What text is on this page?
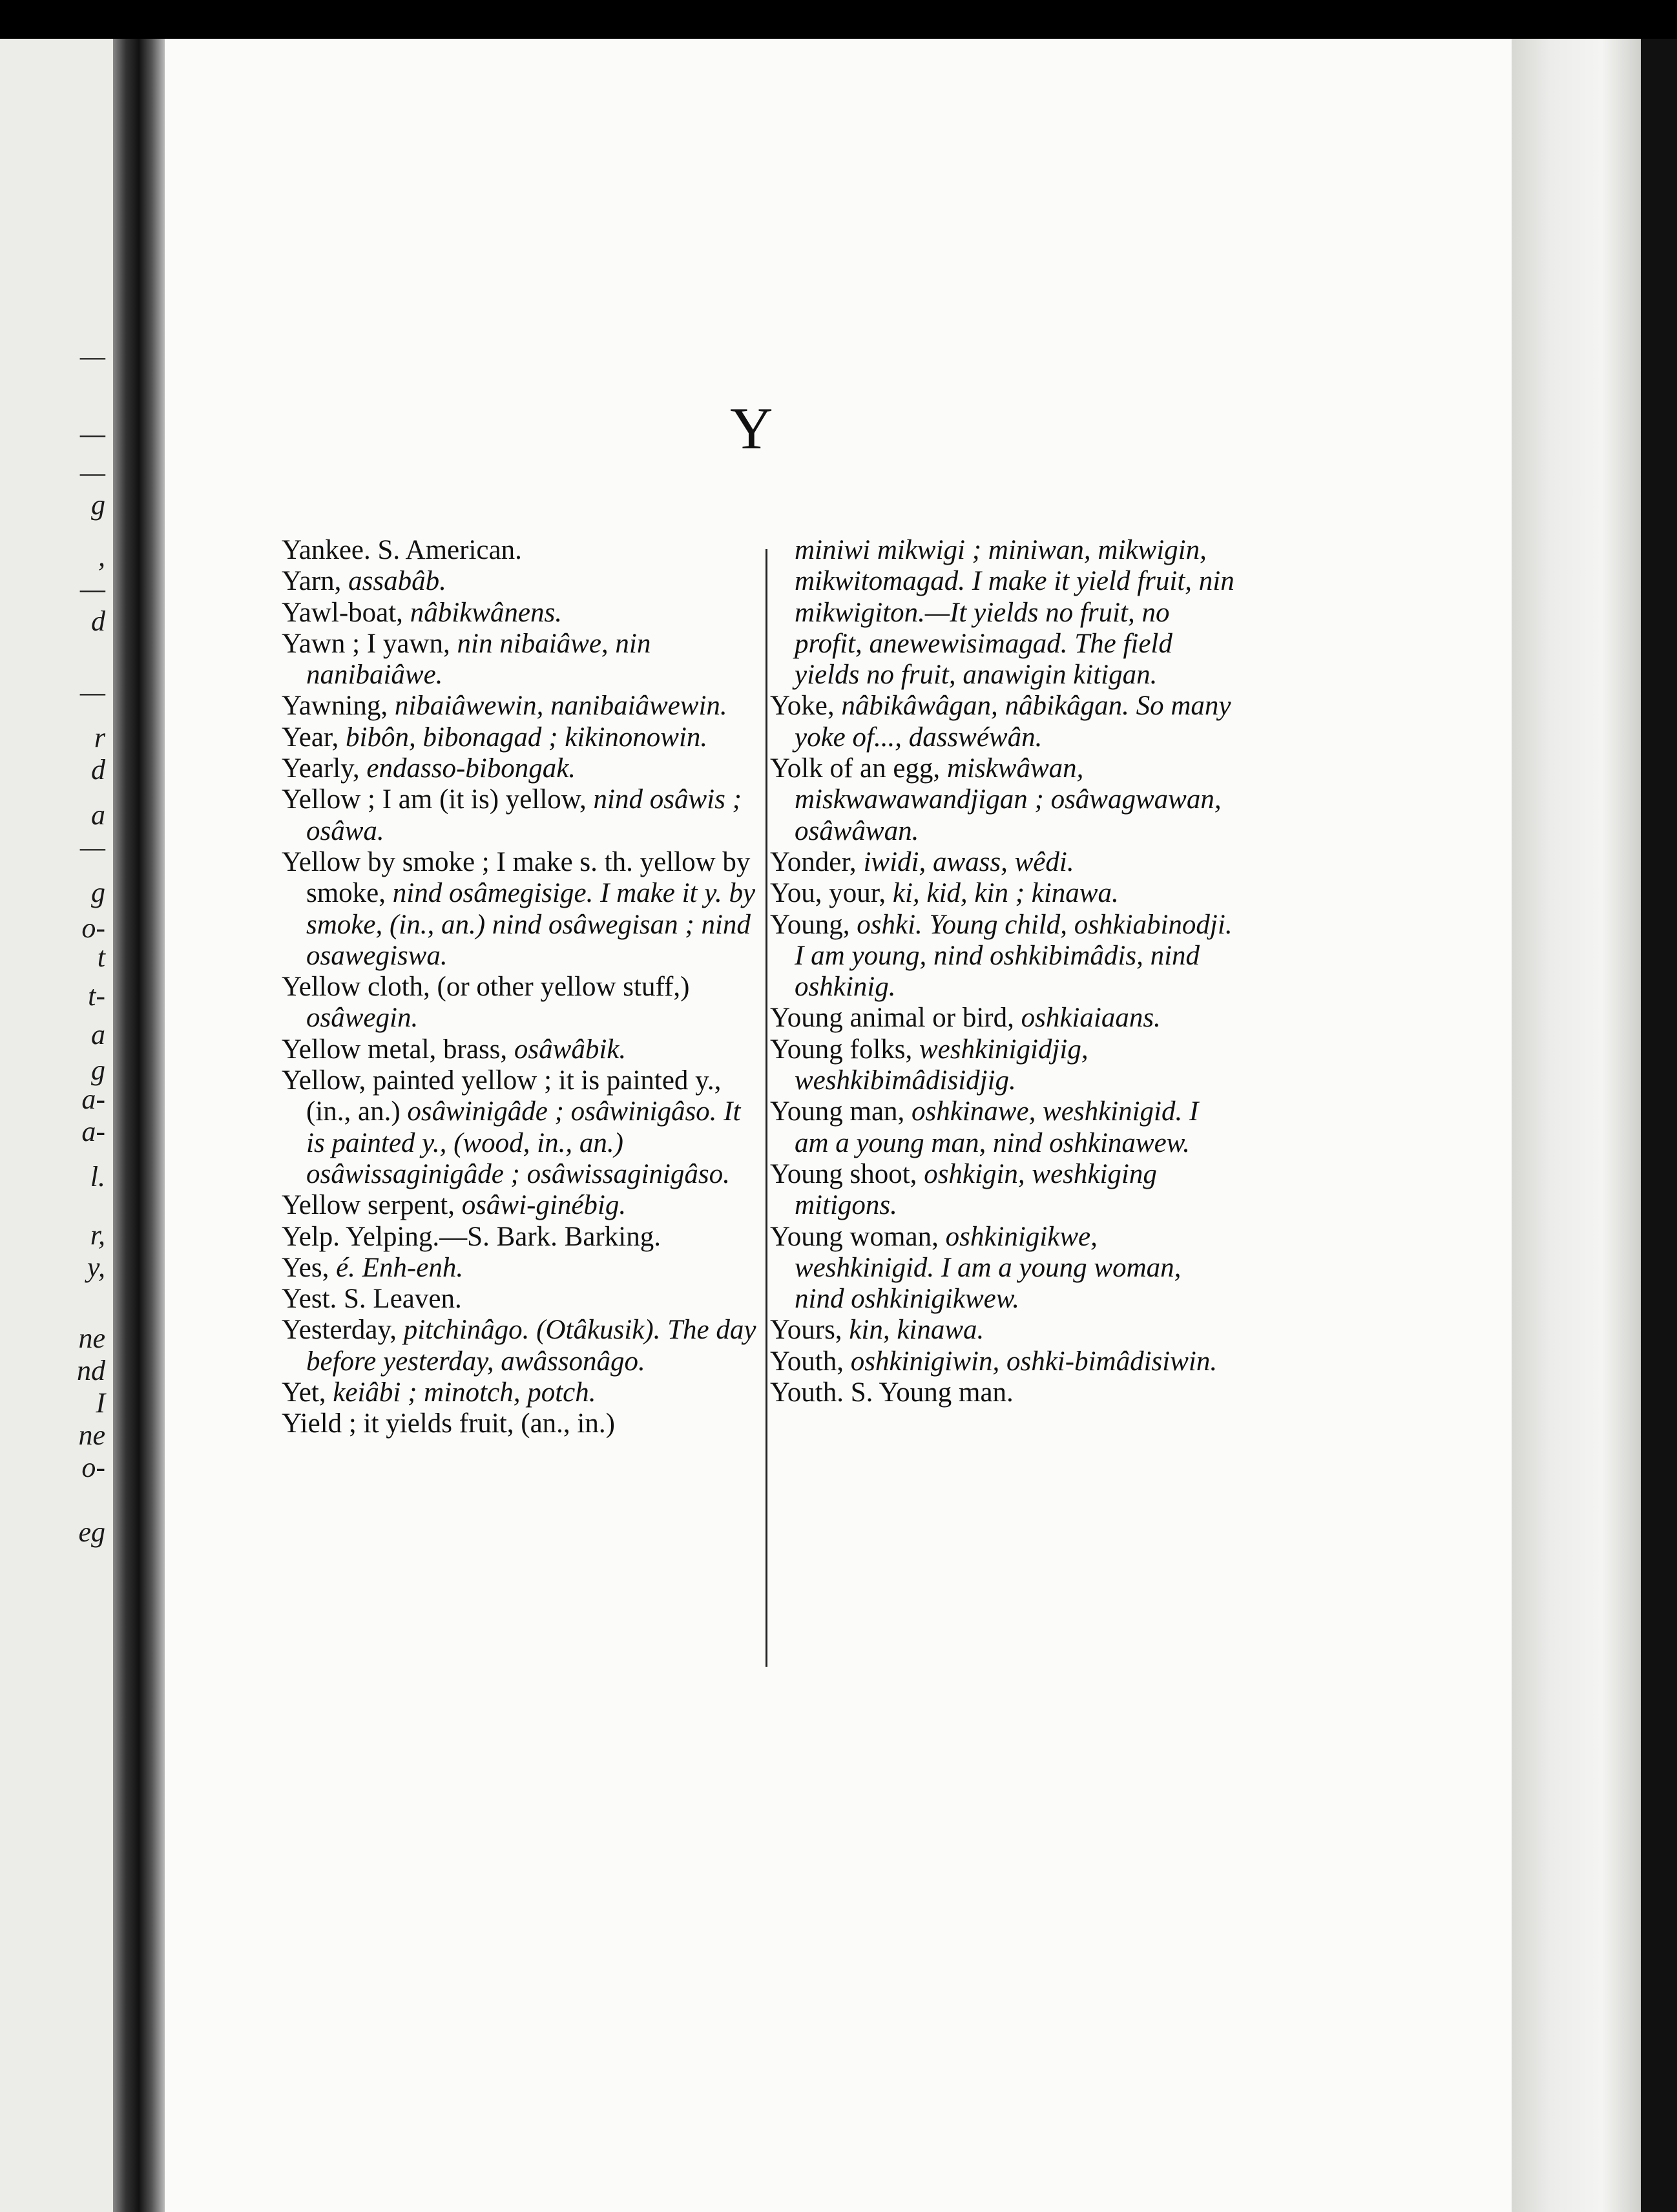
—
—
—
g
,
—
d
—
r
d
a
—
g
o-
t
t-
a
g
a-
a-
l.
r,
y,
ne
nd
I
ne
o-
eg
Y

Yankee. S. American.

Yarn, assabâb.

Yawl-boat, nâbikwânens.

Yawn ; I yawn, nin nibaiâwe, nin nanibaiâwe.

Yawning, nibaiâwewin, nanibaiâwewin.

Year, bibôn, bibonagad ; kikinonowin.

Yearly, endasso-bibongak.

Yellow ; I am (it is) yellow, nind osâwis ; osâwa.

Yellow by smoke ; I make s. th. yellow by smoke, nind osâmegisige. I make it y. by smoke, (in., an.) nind osâwegisan ; nind osawegiswa.

Yellow cloth, (or other yellow stuff,) osâwegin.

Yellow metal, brass, osâwâbik.

Yellow, painted yellow ; it is painted y., (in., an.) osâwinigâde ; osâwinigâso. It is painted y., (wood, in., an.) osâwissaginigâde ; osâwissaginigâso.

Yellow serpent, osâwi-ginébig.

Yelp. Yelping.—S. Bark. Barking.

Yes, é. Enh-enh.

Yest. S. Leaven.

Yesterday, pitchinâgo. (Otâkusik). The day before yesterday, awâssonâgo.

Yet, keiâbi ; minotch, potch.

Yield ; it yields fruit, (an., in.)

miniwi mikwigi ; miniwan, mikwigin, mikwitomagad. I make it yield fruit, nin mikwigiton.—It yields no fruit, no profit, anewewisimagad. The field yields no fruit, anawigin kitigan.

Yoke, nâbikâwâgan, nâbikâgan. So many yoke of..., dasswéwân.

Yolk of an egg, miskwâwan, miskwawawandjigan ; osâwagwawan, osâwâwan.

Yonder, iwidi, awass, wêdi.

You, your, ki, kid, kin ; kinawa.

Young, oshki. Young child, oshkiabinodji. I am young, nind oshkibimâdis, nind oshkinig.

Young animal or bird, oshkiaiaans.

Young folks, weshkinigidjig, weshkibimâdisidjig.

Young man, oshkinawe, weshkinigid. I am a young man, nind oshkinawew.

Young shoot, oshkigin, weshkiging mitigons.

Young woman, oshkinigikwe, weshkinigid. I am a young woman, nind oshkinigikwew.

Yours, kin, kinawa.

Youth, oshkinigiwin, oshki-bimâdisiwin.

Youth. S. Young man.
